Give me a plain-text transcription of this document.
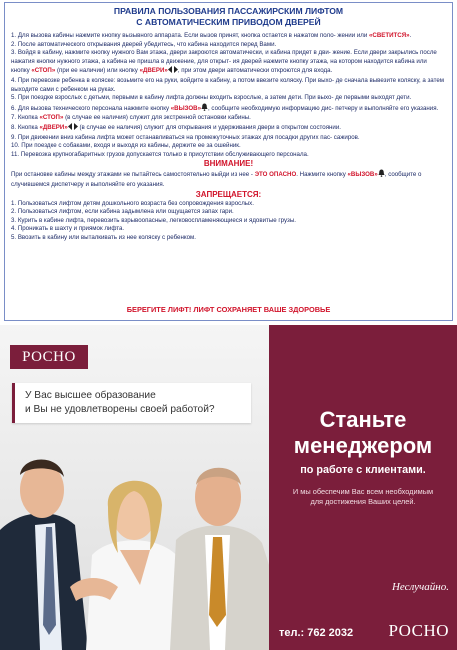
ПРАВИЛА ПОЛЬЗОВАНИЯ ПАССАЖИРСКИМ ЛИФТОМ
С АВТОМАТИЧЕСКИМ ПРИВОДОМ ДВЕРЕЙ

1. Для вызова кабины нажмите кнопку вызывного аппарата. Если вызов принят, кнопка остается в нажатом поло- жении или «СВЕТИТСЯ».

2. После автоматического открывания дверей убедитесь, что кабина находится перед Вами.

3. Войдя в кабину, нажмите кнопку нужного Вам этажа, двери закроются автоматически, и кабина придет в дви- жение. Если двери закрылись после нажатия кнопки нужного этажа, а кабина не пришла в движение, для открыт- ия дверей нажмите кнопку этажа, на котором находится кабина или кнопку «СТОП» (при ее наличии) или кнопку «ДВЕРИ» , при этом двери автоматически откроются для входа.

4. При перевозке ребенка в коляске: возьмите его на руки, войдите в кабину, а потом ввезите коляску. При выхо- де сначала вывезите коляску, а затем выходите сами с ребенком на руках.

5. При поездке взрослых с детьми, первыми в кабину лифта должны входить взрослые, а затем дети. При выхо- де первыми выходят дети.

6. Для вызова технического персонала нажмите кнопку «ВЫЗОВ» , сообщите необходимую информацию дис- петчеру и выполняйте его указания.

7. Кнопка «СТОП» (в случае ее наличия) служит для экстренной остановки кабины.

8. Кнопка «ДВЕРИ» (в случае ее наличия) служит для открывания и удерживания двери в открытом состоянии.

9. При движении вниз кабина лифта может останавливаться на промежуточных этажах для посадки других пас- сажиров.

10. При поездке с собаками, входя и выходя из кабины, держите ее за ошейник.

11. Перевозка крупногабаритных грузов допускается только в присутствии обслуживающего персонала.

ВНИМАНИЕ!

При остановке кабины между этажами не пытайтесь самостоятельно выйди из нее - ЭТО ОПАСНО. Нажмите кнопку «ВЫЗОВ» , сообщите о случившемся диспетчеру и выполняйте его указания.

ЗАПРЕЩАЕТСЯ:

1. Пользоваться лифтом детям дошкольного возраста без сопровождения взрослых.

2. Пользоваться лифтом, если кабина задымлена или ощущается запах гари.

3. Курить в кабине лифта, перевозить взрывоопасные, легковоспламеняющиеся и ядовитые грузы.

4. Проникать в шахту и приямок лифта.

5. Ввозить в кабину или выталкивать из нее коляску с ребенком.

БЕРЕГИТЕ ЛИФТ! ЛИФТ СОХРАНЯЕТ ВАШЕ ЗДОРОВЬЕ
РОСНО
У Вас высшее образование
и Вы не удовлетворены своей работой?	Станьте
менеджером
по работе с клиентами.
И мы обеспечим Вас всем необходимым
для достижения Ваших целей.
Неслучайно.
тел.: 762 2032 РОСНО
